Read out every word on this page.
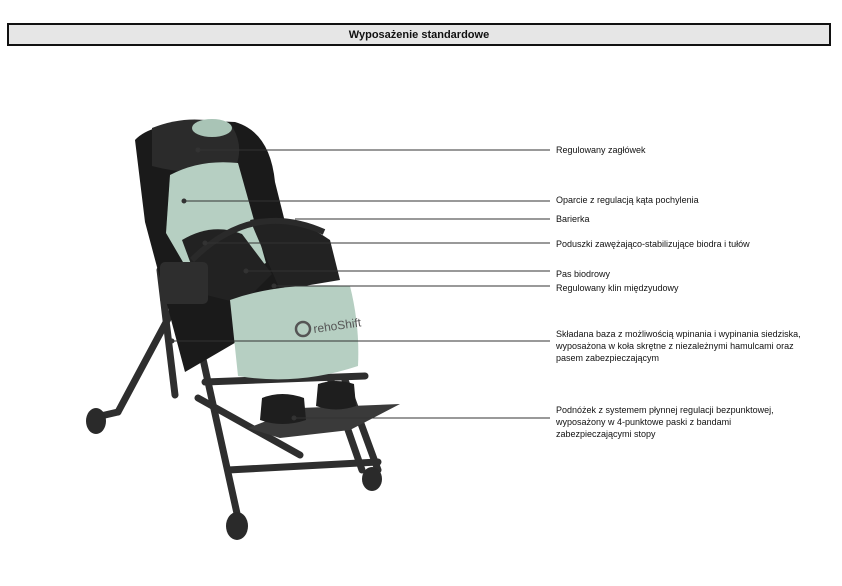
Wyposażenie standardowe
rehoShift
Regulowany zagłówek
Oparcie z regulacją kąta pochylenia
Barierka
Poduszki zawężająco-stabilizujące biodra i tułów
Pas biodrowy
Regulowany klin międzyudowy
Składana baza z możliwością wpinania i wypinania siedziska,
wyposażona w koła skrętne z niezależnymi hamulcami oraz
pasem zabezpieczającym
Podnóżek z systemem płynnej regulacji bezpunktowej,
wyposażony w 4-punktowe paski z bandami
zabezpieczającymi stopy
